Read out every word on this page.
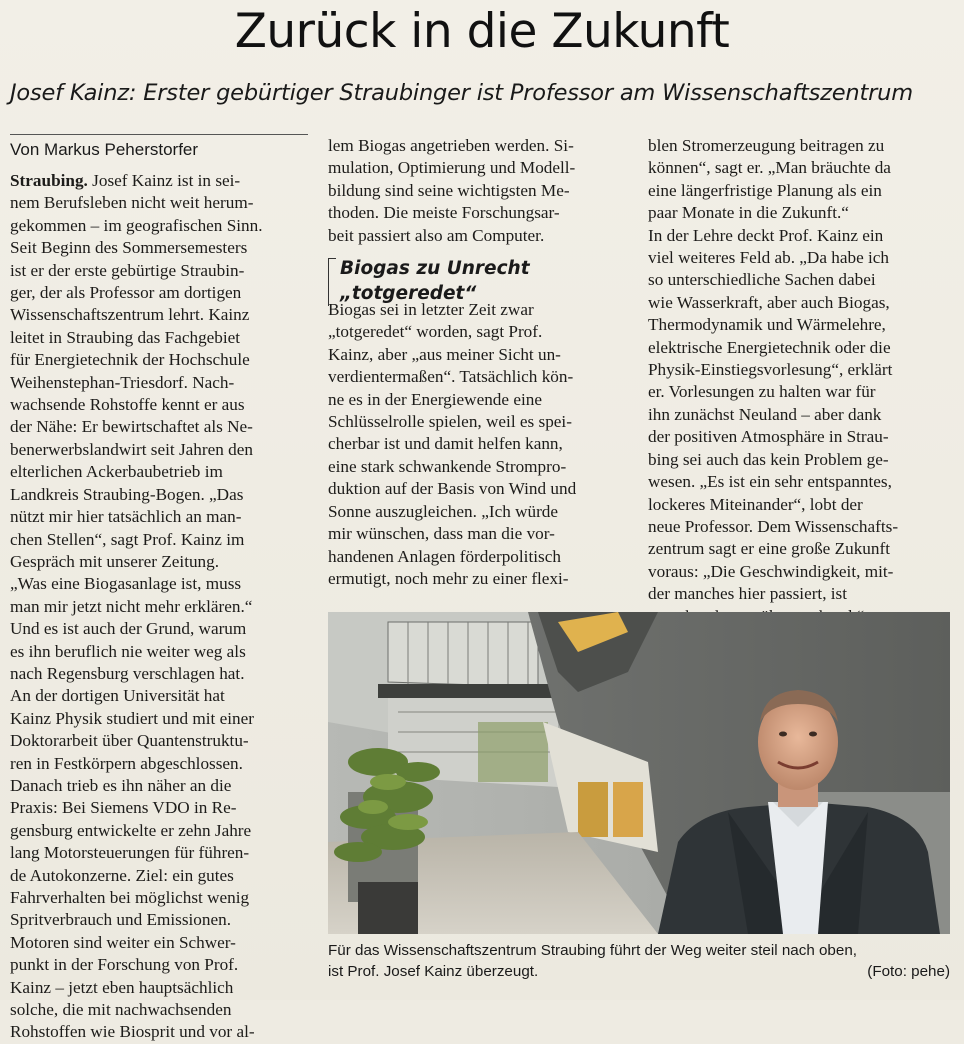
Zurück in die Zukunft
Josef Kainz: Erster gebürtiger Straubinger ist Professor am Wissenschaftszentrum
Von Markus Peherstorfer
Straubing. Josef Kainz ist in sei-
nem Berufsleben nicht weit herum-
gekommen – im geografischen Sinn.
Seit Beginn des Sommersemesters
ist er der erste gebürtige Straubin-
ger, der als Professor am dortigen
Wissenschaftszentrum lehrt. Kainz
leitet in Straubing das Fachgebiet
für Energietechnik der Hochschule
Weihenstephan-Triesdorf. Nach-
wachsende Rohstoffe kennt er aus
der Nähe: Er bewirtschaftet als Ne-
benerwerbslandwirt seit Jahren den
elterlichen Ackerbaubetrieb im
Landkreis Straubing-Bogen. „Das
nützt mir hier tatsächlich an man-
chen Stellen“, sagt Prof. Kainz im
Gespräch mit unserer Zeitung.
„Was eine Biogasanlage ist, muss
man mir jetzt nicht mehr erklären.“
Und es ist auch der Grund, warum
es ihn beruflich nie weiter weg als
nach Regensburg verschlagen hat.
An der dortigen Universität hat
Kainz Physik studiert und mit einer
Doktorarbeit über Quantenstruktu-
ren in Festkörpern abgeschlossen.
Danach trieb es ihn näher an die
Praxis: Bei Siemens VDO in Re-
gensburg entwickelte er zehn Jahre
lang Motorsteuerungen für führen-
de Autokonzerne. Ziel: ein gutes
Fahrverhalten bei möglichst wenig
Spritverbrauch und Emissionen.
Motoren sind weiter ein Schwer-
punkt in der Forschung von Prof.
Kainz – jetzt eben hauptsächlich
solche, die mit nachwachsenden
Rohstoffen wie Biosprit und vor al-
lem Biogas angetrieben werden. Si-
mulation, Optimierung und Modell-
bildung sind seine wichtigsten Me-
thoden. Die meiste Forschungsar-
beit passiert also am Computer.
Biogas sei in letzter Zeit zwar
„totgeredet“ worden, sagt Prof.
Kainz, aber „aus meiner Sicht un-
verdientermaßen“. Tatsächlich kön-
ne es in der Energiewende eine
Schlüsselrolle spielen, weil es spei-
cherbar ist und damit helfen kann,
eine stark schwankende Strompro-
duktion auf der Basis von Wind und
Sonne auszugleichen. „Ich würde
mir wünschen, dass man die vor-
handenen Anlagen förderpolitisch
ermutigt, noch mehr zu einer flexi-
Biogas zu Unrecht
„totgeredet“
blen Stromerzeugung beitragen zu
können“, sagt er. „Man bräuchte da
eine längerfristige Planung als ein
paar Monate in die Zukunft.“
In der Lehre deckt Prof. Kainz ein
viel weiteres Feld ab. „Da habe ich
so unterschiedliche Sachen dabei
wie Wasserkraft, aber auch Biogas,
Thermodynamik und Wärmelehre,
elektrische Energietechnik oder die
Physik-Einstiegsvorlesung“, erklärt
er. Vorlesungen zu halten war für
ihn zunächst Neuland – aber dank
der positiven Atmosphäre in Strau-
bing sei auch das kein Problem ge-
wesen. „Es ist ein sehr entspanntes,
lockeres Miteinander“, lobt der
neue Professor. Dem Wissenschafts-
zentrum sagt er eine große Zukunft
voraus: „Die Geschwindigkeit, mit-
der manches hier passiert, ist
Für das Wissenschaftszentrum Straubing führt der Weg weiter steil nach oben,
ist Prof. Josef Kainz überzeugt.	(Foto: pehe)
